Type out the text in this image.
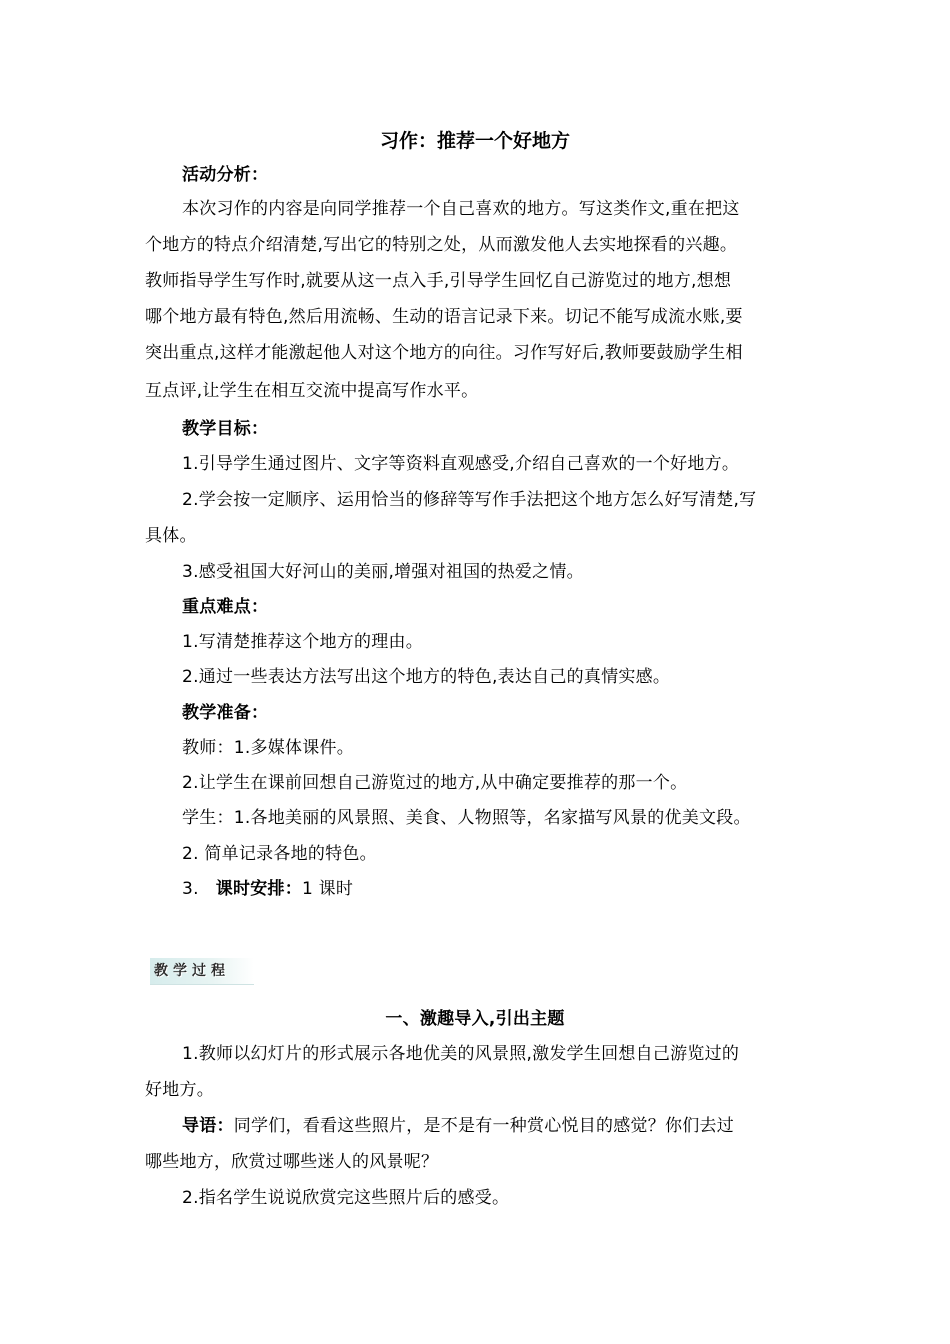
习作：推荐一个好地方
活动分析：
本次习作的内容是向同学推荐一个自己喜欢的地方。写这类作文,重在把这
个地方的特点介绍清楚,写出它的特别之处，从而激发他人去实地探看的兴趣。
教师指导学生写作时,就要从这一点入手,引导学生回忆自己游览过的地方,想想
哪个地方最有特色,然后用流畅、生动的语言记录下来。切记不能写成流水账,要
突出重点,这样才能激起他人对这个地方的向往。习作写好后,教师要鼓励学生相
互点评,让学生在相互交流中提高写作水平。
教学目标：
1.引导学生通过图片、文字等资料直观感受,介绍自己喜欢的一个好地方。
2.学会按一定顺序、运用恰当的修辞等写作手法把这个地方怎么好写清楚,写
具体。
3.感受祖国大好河山的美丽,增强对祖国的热爱之情。
重点难点：
1.写清楚推荐这个地方的理由。
2.通过一些表达方法写出这个地方的特色,表达自己的真情实感。
教学准备：
教师：1.多媒体课件。
2.让学生在课前回想自己游览过的地方,从中确定要推荐的那一个。
学生：1.各地美丽的风景照、美食、人物照等，名家描写风景的优美文段。
2. 简单记录各地的特色。
3. 课时安排：1 课时
教学过程
一、激趣导入,引出主题
1.教师以幻灯片的形式展示各地优美的风景照,激发学生回想自己游览过的
好地方。
导语：同学们，看看这些照片，是不是有一种赏心悦目的感觉？你们去过
哪些地方，欣赏过哪些迷人的风景呢？
2.指名学生说说欣赏完这些照片后的感受。
